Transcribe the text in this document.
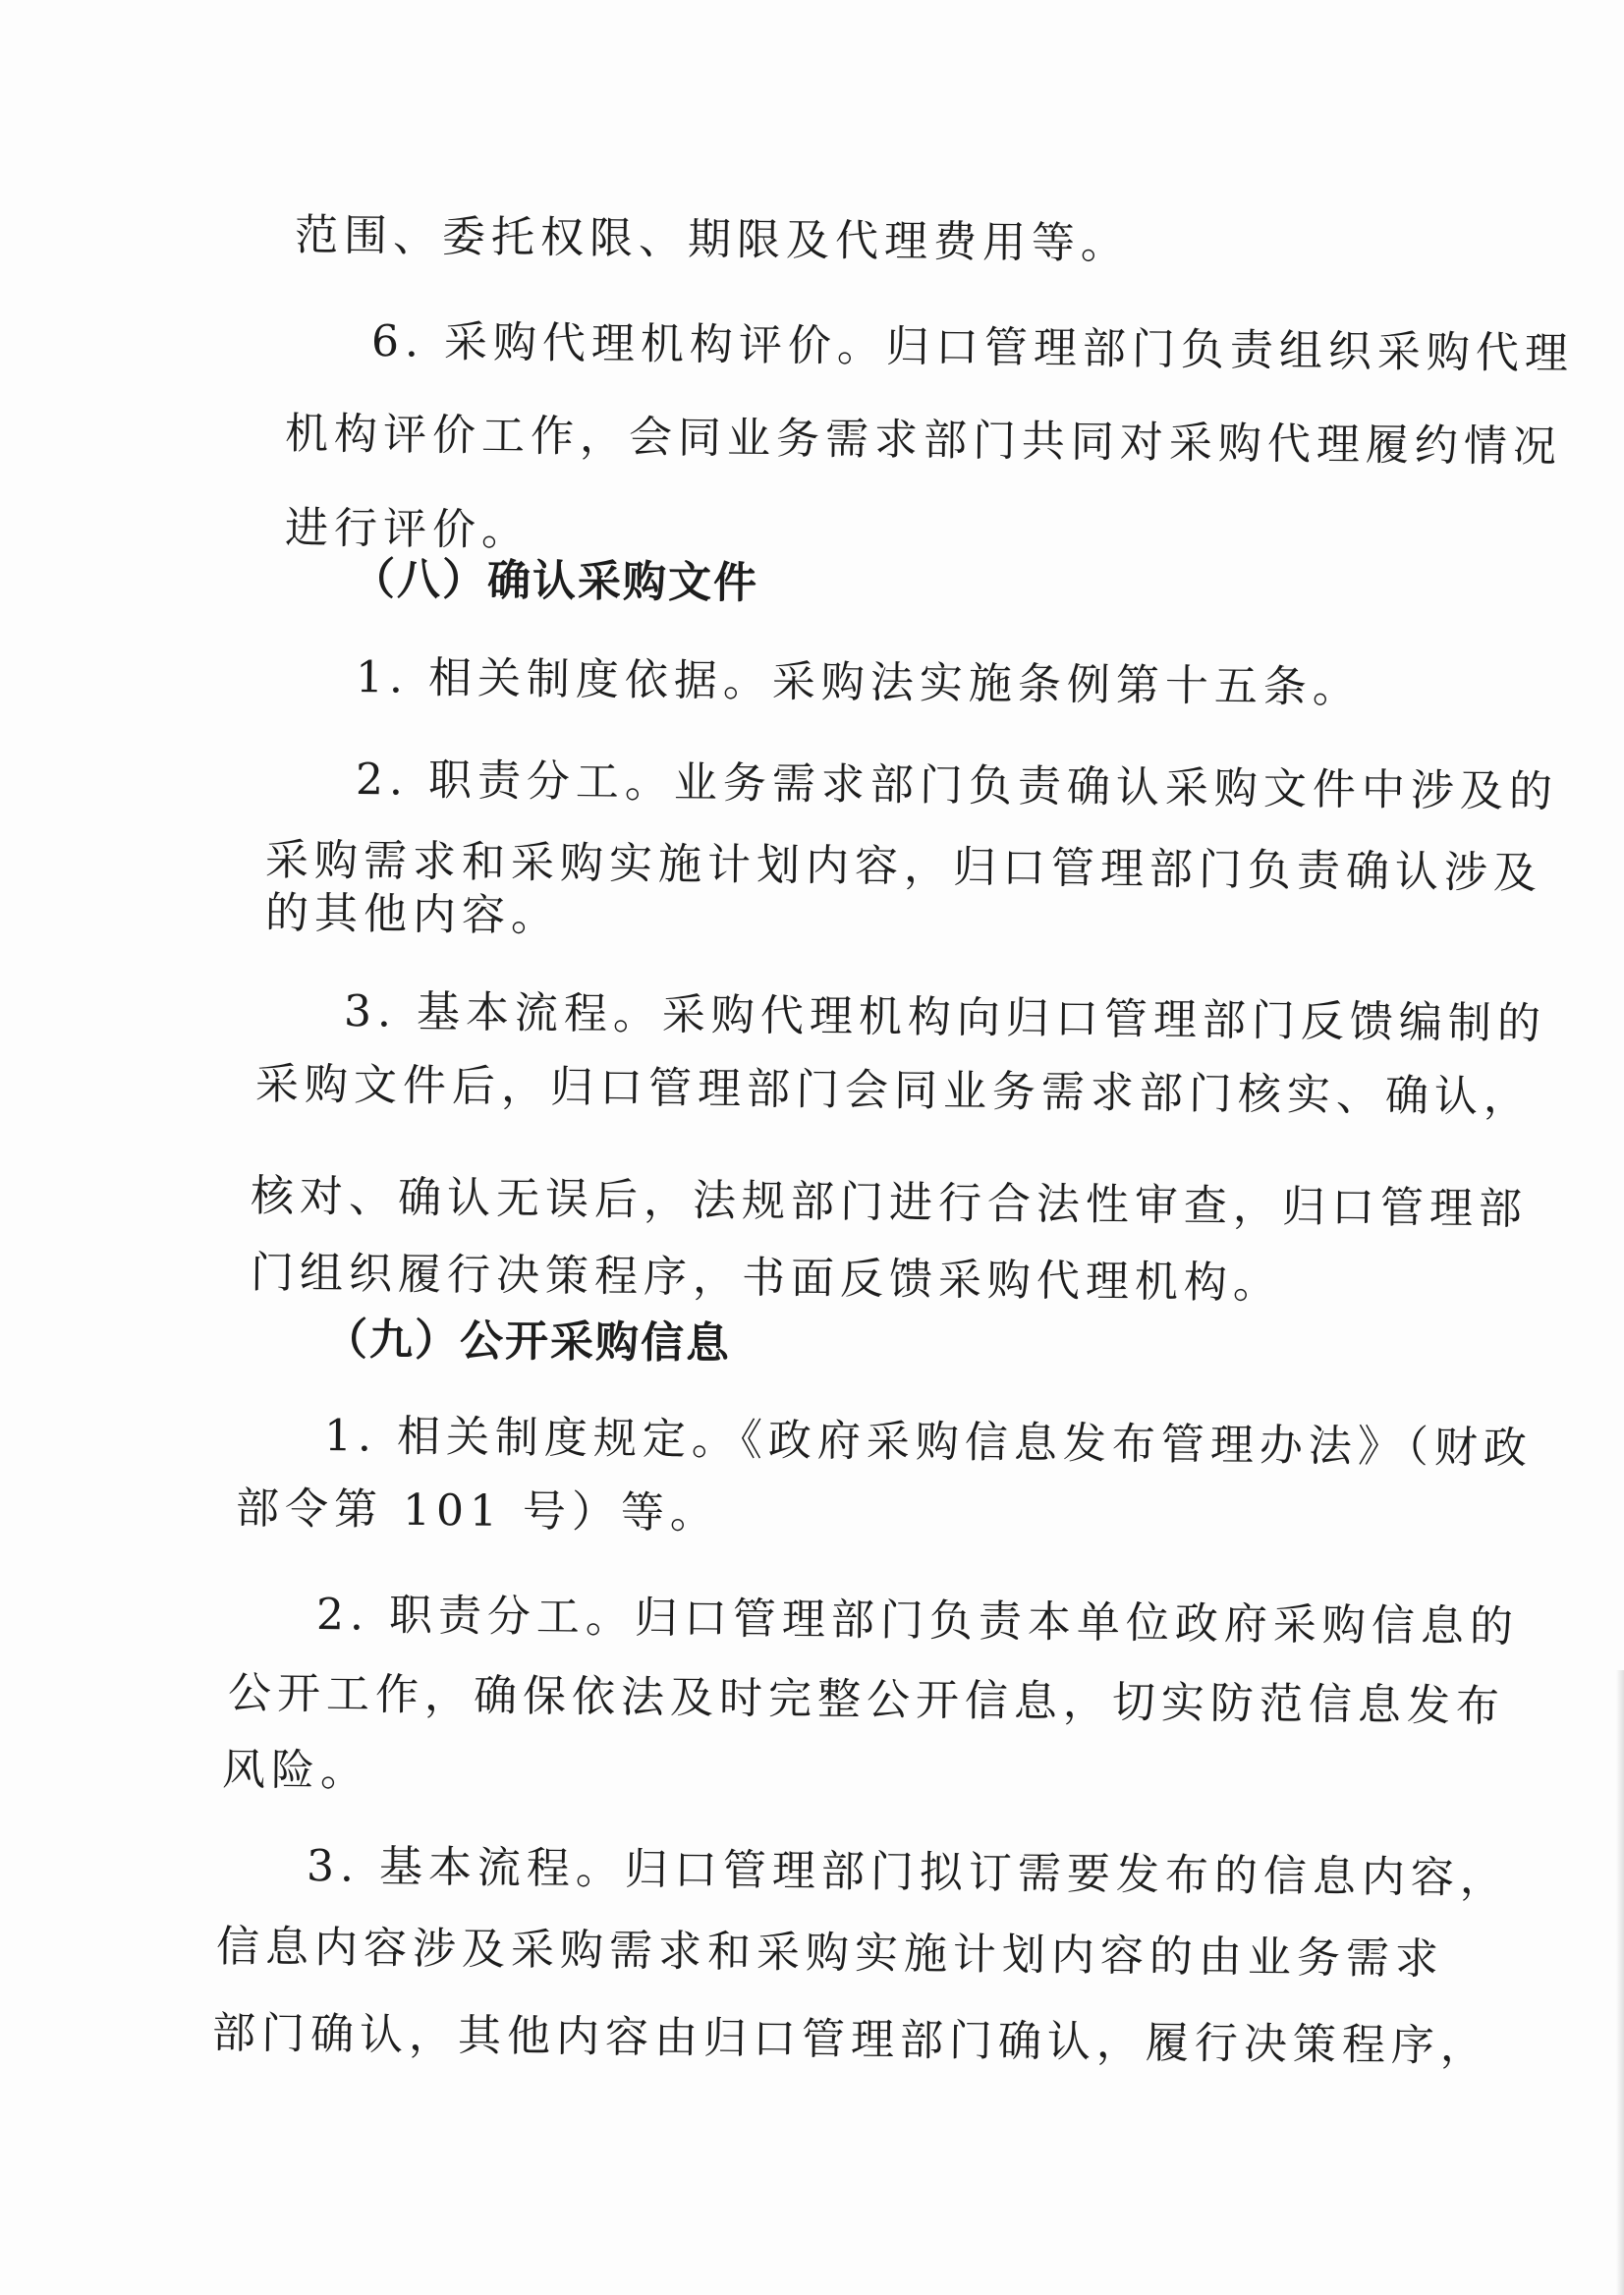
范围、委托权限、期限及代理费用等。
6. 采购代理机构评价。归口管理部门负责组织采购代理
机构评价工作，会同业务需求部门共同对采购代理履约情况
进行评价。
（八）确认采购文件
1. 相关制度依据。采购法实施条例第十五条。
2. 职责分工。业务需求部门负责确认采购文件中涉及的
采购需求和采购实施计划内容，归口管理部门负责确认涉及
的其他内容。
3. 基本流程。采购代理机构向归口管理部门反馈编制的
采购文件后，归口管理部门会同业务需求部门核实、确认，
核对、确认无误后，法规部门进行合法性审查，归口管理部
门组织履行决策程序，书面反馈采购代理机构。
（九）公开采购信息
1. 相关制度规定。《政府采购信息发布管理办法》（财政
部令第 101 号）等。
2. 职责分工。归口管理部门负责本单位政府采购信息的
公开工作，确保依法及时完整公开信息，切实防范信息发布
风险。
3. 基本流程。归口管理部门拟订需要发布的信息内容，
信息内容涉及采购需求和采购实施计划内容的由业务需求
部门确认，其他内容由归口管理部门确认，履行决策程序，
